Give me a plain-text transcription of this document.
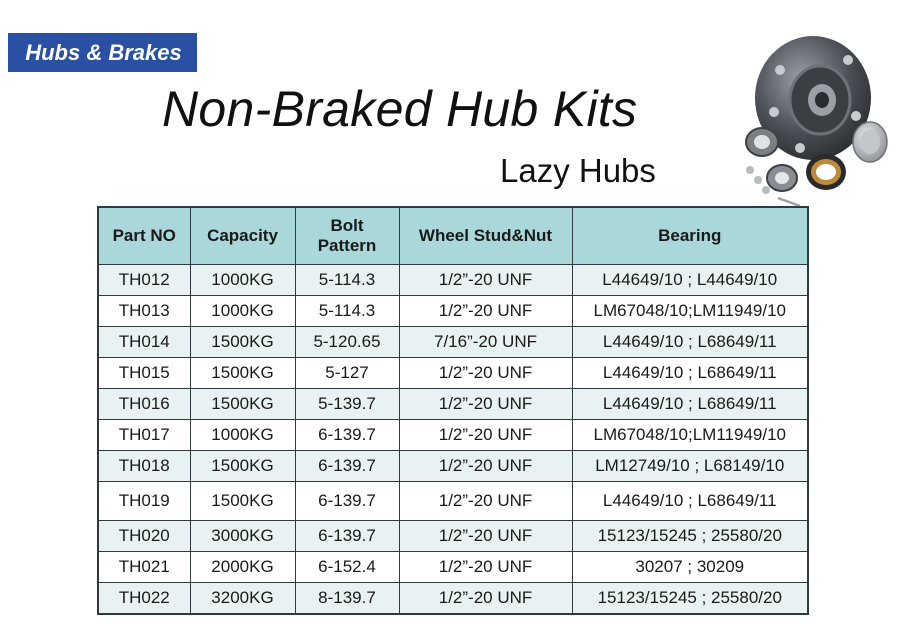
Hubs & Brakes
Non-Braked Hub Kits
Lazy Hubs
Part NO	Capacity	Bolt Pattern	Wheel Stud&Nut	Bearing
TH012	1000KG	5-114.3	1/2”-20 UNF	L44649/10 ; L44649/10
TH013	1000KG	5-114.3	1/2”-20 UNF	LM67048/10;LM11949/10
TH014	1500KG	5-120.65	7/16”-20 UNF	L44649/10 ; L68649/11
TH015	1500KG	5-127	1/2”-20 UNF	L44649/10 ; L68649/11
TH016	1500KG	5-139.7	1/2”-20 UNF	L44649/10 ; L68649/11
TH017	1000KG	6-139.7	1/2”-20 UNF	LM67048/10;LM11949/10
TH018	1500KG	6-139.7	1/2”-20 UNF	LM12749/10 ; L68149/10
TH019	1500KG	6-139.7	1/2”-20 UNF	L44649/10 ; L68649/11
TH020	3000KG	6-139.7	1/2”-20 UNF	15123/15245 ; 25580/20
TH021	2000KG	6-152.4	1/2”-20 UNF	30207 ; 30209
TH022	3200KG	8-139.7	1/2”-20 UNF	15123/15245 ; 25580/20
